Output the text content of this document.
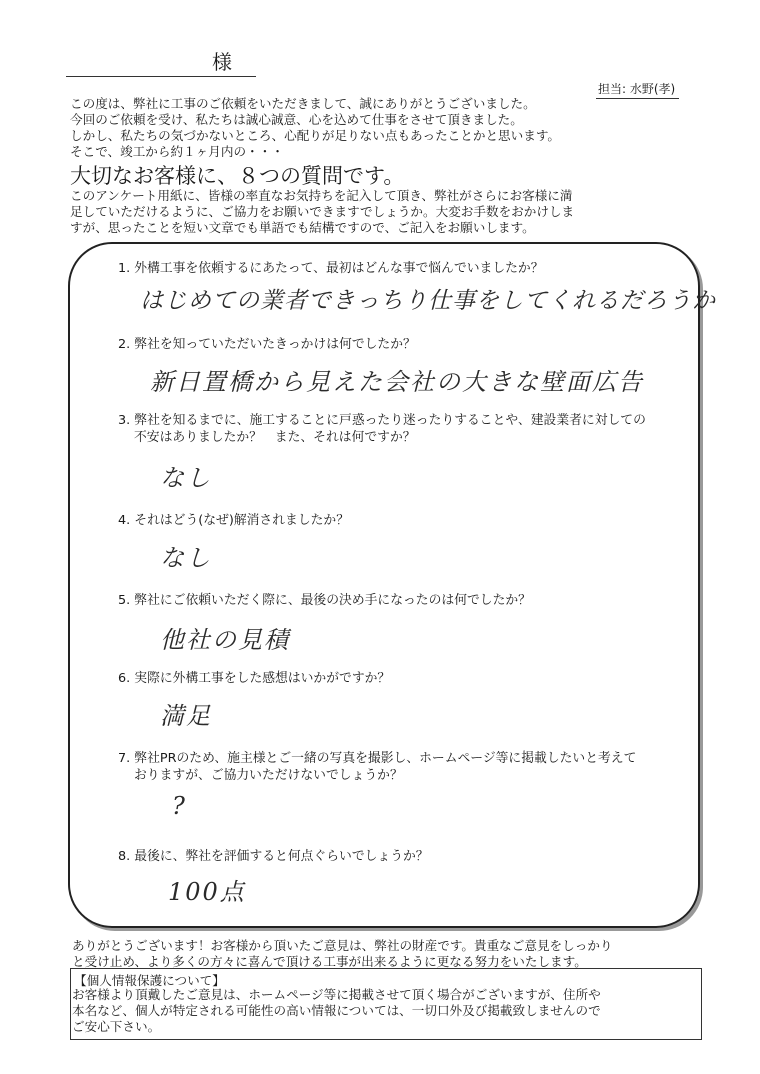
様
担当: 水野(孝)
この度は、弊社に工事のご依頼をいただきまして、誠にありがとうございました。
今回のご依頼を受け、私たちは誠心誠意、心を込めて仕事をさせて頂きました。
しかし、私たちの気づかないところ、心配りが足りない点もあったことかと思います。
そこで、竣工から約１ヶ月内の・・・
大切なお客様に、８つの質問です。
このアンケート用紙に、皆様の率直なお気持ちを記入して頂き、弊社がさらにお客様に満
足していただけるように、ご協力をお願いできますでしょうか。大変お手数をおかけしま
すが、思ったことを短い文章でも単語でも結構ですので、ご記入をお願いします。
1. 外構工事を依頼するにあたって、最初はどんな事で悩んでいましたか？
はじめての業者できっちり仕事をしてくれるだろうか
2. 弊社を知っていただいたきっかけは何でしたか？
新日置橋から見えた会社の大きな壁面広告
3. 弊社を知るまでに、施工することに戸惑ったり迷ったりすることや、建設業者に対しての
不安はありましたか？　また、それは何ですか？
なし
4. それはどう(なぜ)解消されましたか？
なし
5. 弊社にご依頼いただく際に、最後の決め手になったのは何でしたか？
他社の見積
6. 実際に外構工事をした感想はいかがですか？
満足
7. 弊社PRのため、施主様とご一緒の写真を撮影し、ホームページ等に掲載したいと考えて
おりますが、ご協力いただけないでしょうか？
?
8. 最後に、弊社を評価すると何点ぐらいでしょうか？
100点
ありがとうございます！お客様から頂いたご意見は、弊社の財産です。貴重なご意見をしっかり
と受け止め、より多くの方々に喜んで頂ける工事が出来るように更なる努力をいたします。
【個人情報保護について】
お客様より頂戴したご意見は、ホームページ等に掲載させて頂く場合がございますが、住所や
本名など、個人が特定される可能性の高い情報については、一切口外及び掲載致しませんので
ご安心下さい。
